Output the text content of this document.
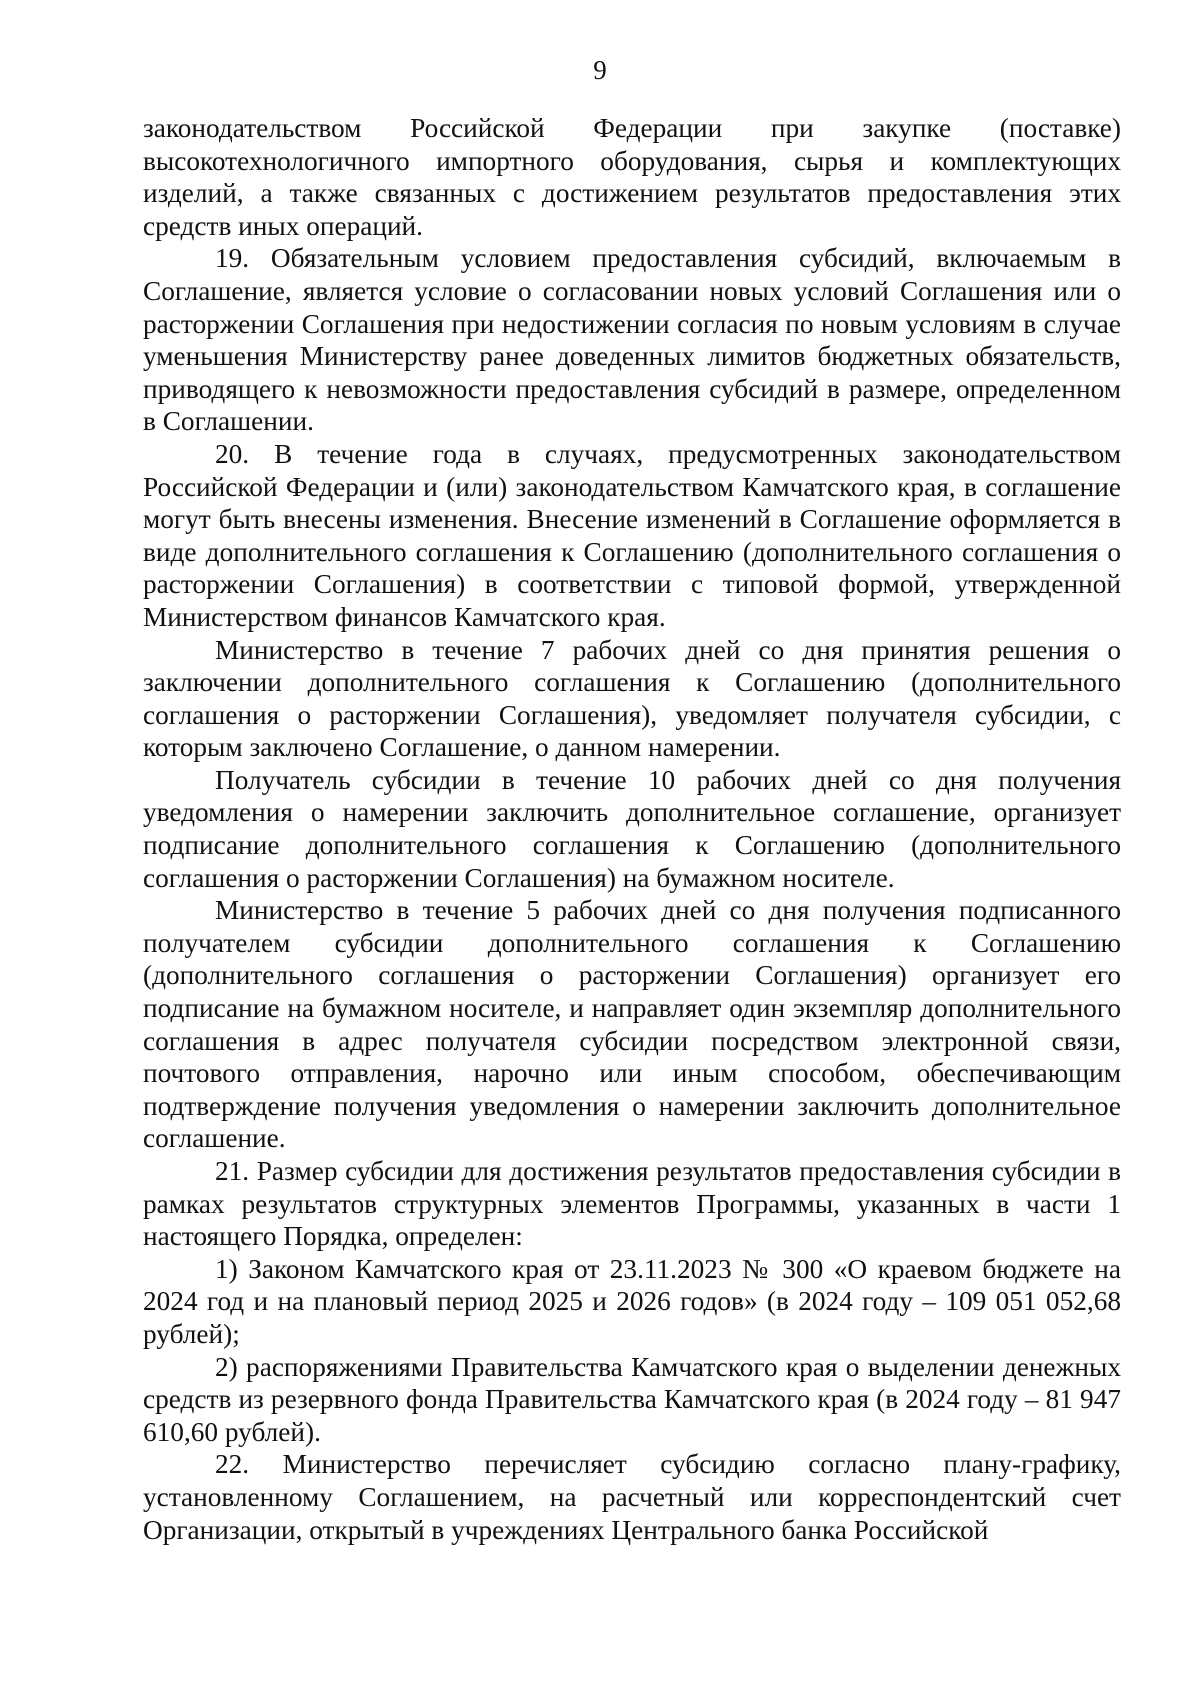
9

законодательством Российской Федерации при закупке (поставке) высокотехнологичного импортного оборудования, сырья и комплектующих изделий, а также связанных с достижением результатов предоставления этих средств иных операций.

19. Обязательным условием предоставления субсидий, включаемым в Соглашение, является условие о согласовании новых условий Соглашения или о расторжении Соглашения при недостижении согласия по новым условиям в случае уменьшения Министерству ранее доведенных лимитов бюджетных обязательств, приводящего к невозможности предоставления субсидий в размере, определенном в Соглашении.

20. В течение года в случаях, предусмотренных законодательством Российской Федерации и (или) законодательством Камчатского края, в соглашение могут быть внесены изменения. Внесение изменений в Соглашение оформляется в виде дополнительного соглашения к Соглашению (дополнительного соглашения о расторжении Соглашения) в соответствии с типовой формой, утвержденной Министерством финансов Камчатского края.

Министерство в течение 7 рабочих дней со дня принятия решения о заключении дополнительного соглашения к Соглашению (дополнительного соглашения о расторжении Соглашения), уведомляет получателя субсидии, с которым заключено Соглашение, о данном намерении.

Получатель субсидии в течение 10 рабочих дней со дня получения уведомления о намерении заключить дополнительное соглашение, организует подписание дополнительного соглашения к Соглашению (дополнительного соглашения о расторжении Соглашения) на бумажном носителе.

Министерство в течение 5 рабочих дней со дня получения подписанного получателем субсидии дополнительного соглашения к Соглашению (дополнительного соглашения о расторжении Соглашения) организует его подписание на бумажном носителе, и направляет один экземпляр дополнительного соглашения в адрес получателя субсидии посредством электронной связи, почтового отправления, нарочно или иным способом, обеспечивающим подтверждение получения уведомления о намерении заключить дополнительное соглашение.

21. Размер субсидии для достижения результатов предоставления субсидии в рамках результатов структурных элементов Программы, указанных в части 1 настоящего Порядка, определен:

1) Законом Камчатского края от 23.11.2023 № 300 «О краевом бюджете на 2024 год и на плановый период 2025 и 2026 годов» (в 2024 году – 109 051 052,68 рублей);

2) распоряжениями Правительства Камчатского края о выделении денежных средств из резервного фонда Правительства Камчатского края (в 2024 году – 81 947 610,60 рублей).

22. Министерство перечисляет субсидию согласно плану-графику, установленному Соглашением, на расчетный или корреспондентский счет Организации, открытый в учреждениях Центрального банка Российской
